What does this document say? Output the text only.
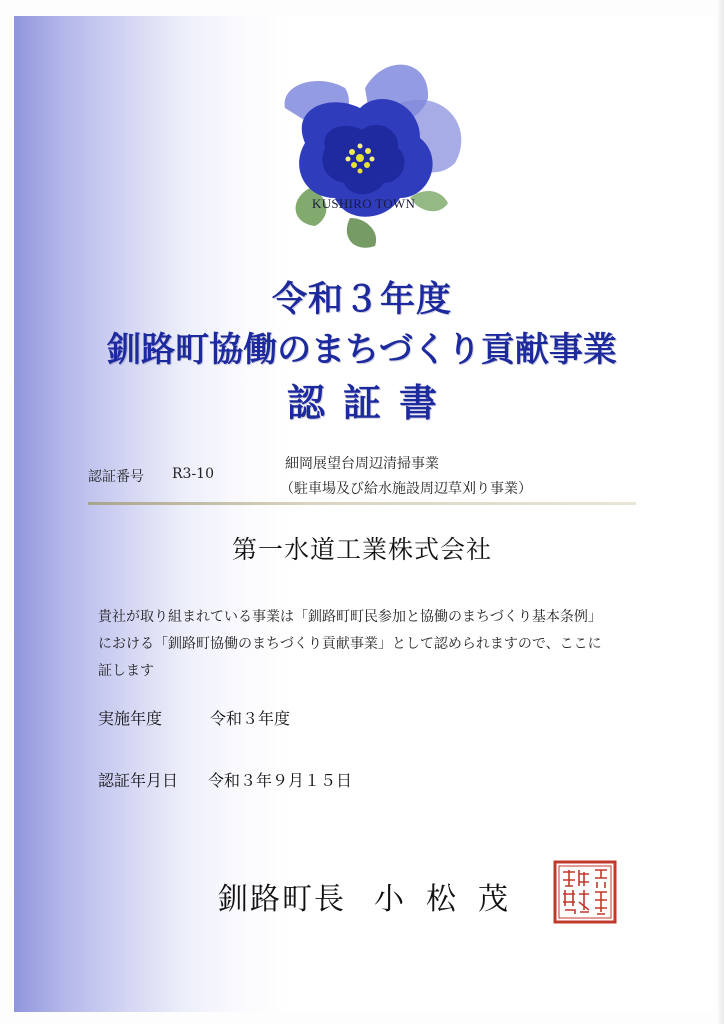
KUSHIRO TOWN
令和３年度
釧路町協働のまちづくり貢献事業
認証書
認証番号 R3-10
細岡展望台周辺清掃事業
（駐車場及び給水施設周辺草刈り事業）
第一水道工業株式会社
貴社が取り組まれている事業は「釧路町町民参加と協働のまちづくり基本条例」
における「釧路町協働のまちづくり貢献事業」として認められますので、ここに
証します
実施年度	令和３年度
認証年月日 令和３年９月１５日
釧路町長 小松茂
